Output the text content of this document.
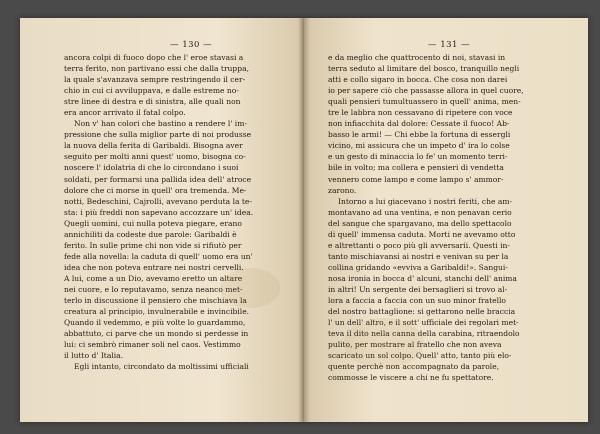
— 130 —
ancora colpi di fuoco dopo che l' eroe stavasi a
terra ferito, non partivano essi che dalla truppa,
la quale s'avanzava sempre restringendo il cer-
chio in cui ci avviluppava, e dalle estreme no-
stre linee di destra e di sinistra, alle quali non
era ancor arrivato il fatal colpo.
Non v' han colori che bastino a rendere l' im-
pressione che sulla miglior parte di noi produsse
la nuova della ferita di Garibaldi. Bisogna aver
seguito per molti anni quest' uomo, bisogna co-
noscere l' idolatria di che lo circondano i suoi
soldati, per formarsi una pallida idea dell' atroce
dolore che ci morse in quell' ora tremenda. Me-
notti, Bedeschini, Cajrolli, avevano perduta la te-
sta: i più freddi non sapevano accozzare un' idea.
Quegli uomini, cui nulla poteva piegare, erano
annichiliti da codeste due parole: Garibaldi è
ferito. In sulle prime chi non vide si rifiutò per
fede alla novella: la caduta di quell' uomo era un'
idea che non poteva entrare nei nostri cervelli.
A lui, come a un Dio, avevamo eretto un altare
nei cuore, e lo reputavamo, senza neanco met-
terlo in discussione il pensiero che mischiava la
creatura al principio, invulnerabile e invincibile.
Quando il vedemmo, e più volte lo guardammo,
abbattuto, ci parve che un mondo si perdesse in
lui: ci sembrò rimaner soli nel caos. Vestimmo
il lutto d' Italia.
Egli intanto, circondato da moltissimi ufficiali
— 131 —
e da meglio che quattrocento di noi, stavasi in
terra seduto al limitare del bosco, tranquillo negli
atti e collo sigaro in bocca. Che cosa non darei
io per sapere ciò che passasse allora in quel cuore,
quali pensieri tumultuassero in quell' anima, men-
tre le labbra non cessavano di ripetere con voce
non infiacchita dal dolore: Cessate il fuoco! Ab-
basso le armi! — Chi ebbe la fortuna di essergli
vicino, mi assicura che un impeto d' ira lo colse
e un gesto di minaccia lo fe' un momento terri-
bile in volto; ma collera e pensieri di vendetta
vennero come lampo e come lampo s' ammor-
zarono.
Intorno a lui giacevano i nostri feriti, che am-
montavano ad una ventina, e non penavan cerio
del sangue che spargavano, ma dello spettacolo
di quell' immensa caduta. Morti ne avevamo otto
e altrettanti o poco più gli avversarii. Questi in-
tanto mischiavansi ai nostri e venivan su per la
collina gridando «evviva a Garibaldi!». Sangui-
nosa ironia in bocca d' alcuni, stanchi dell' anima
in altri! Un sergente dei bersaglieri si trovo al-
lora a faccia a faccia con un suo minor fratello
del nostro battaglione: si gettarono nelle braccia
l' un dell' altro, e il sott' ufficiale dei regolari met-
teva il dito nella canna della carabina, ritraendolo
pulito, per mostrare al fratello che non aveva
scaricato un sol colpo. Quell' atto, tanto più elo-
quente perchè non accompagnato da parole,
commosse le viscere a chi ne fu spettatore.
